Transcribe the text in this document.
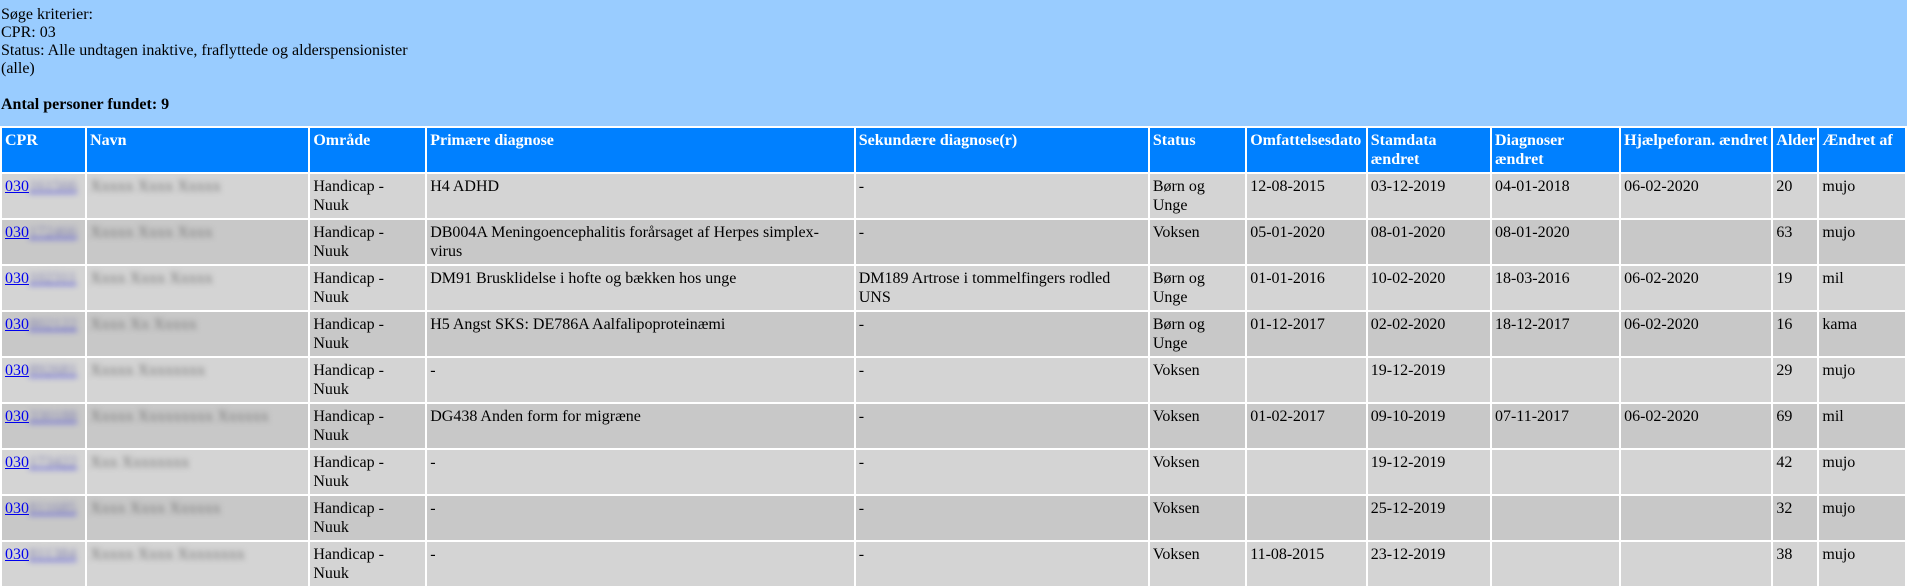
Søge kriterier:
CPR: 03
Status: Alle undtagen inaktive, fraflyttede og alderspensionister
(alle)
Antal personer fundet: 9
CPR	Navn	Område	Primære diagnose	Sekundære diagnose(r)	Status	Omfattelsesdato	Stamdata ændret	Diagnoser ændret	Hjælpeforan. ændret	Alder	Ændret af
030161566	Xxxxx Xxxx Xxxxx	Handicap - Nuuk	H4 ADHD	-	Børn og Unge	12-08-2015	03-12-2019	04-01-2018	06-02-2020	20	mujo
030172466	Xxxxx Xxxx Xxxx	Handicap - Nuuk	DB004A Meningoencephalitis forårsaget af Herpes simplex-virus	-	Voksen	05-01-2020	08-01-2020	08-01-2020		63	mujo
030102311	Xxxx Xxxx Xxxxx	Handicap - Nuuk	DM91 Brusklidelse i hofte og bækken hos unge	DM189 Artrose i tommelfingers rodled UNS	Børn og Unge	01-01-2016	10-02-2020	18-03-2016	06-02-2020	19	mil
030802122	Xxxx Xx Xxxxx	Handicap - Nuuk	H5 Angst SKS: DE786A Aalfalipoproteinæmi	-	Børn og Unge	01-12-2017	02-02-2020	18-12-2017	06-02-2020	16	kama
030892681	Xxxxx Xxxxxxxx	Handicap - Nuuk	-	-	Voksen		19-12-2019			29	mujo
030330188	Xxxxx Xxxxxxxxx Xxxxxx	Handicap - Nuuk	DG438 Anden form for migræne	-	Voksen	01-02-2017	09-10-2019	07-11-2017	06-02-2020	69	mil
030173422	Xxx Xxxxxxxx	Handicap - Nuuk	-	-	Voksen		19-12-2019			42	mujo
030811685	Xxxx Xxxx Xxxxxx	Handicap - Nuuk	-	-	Voksen		25-12-2019			32	mujo
030811384	Xxxxx Xxxx Xxxxxxxx	Handicap - Nuuk	-	-	Voksen	11-08-2015	23-12-2019			38	mujo
